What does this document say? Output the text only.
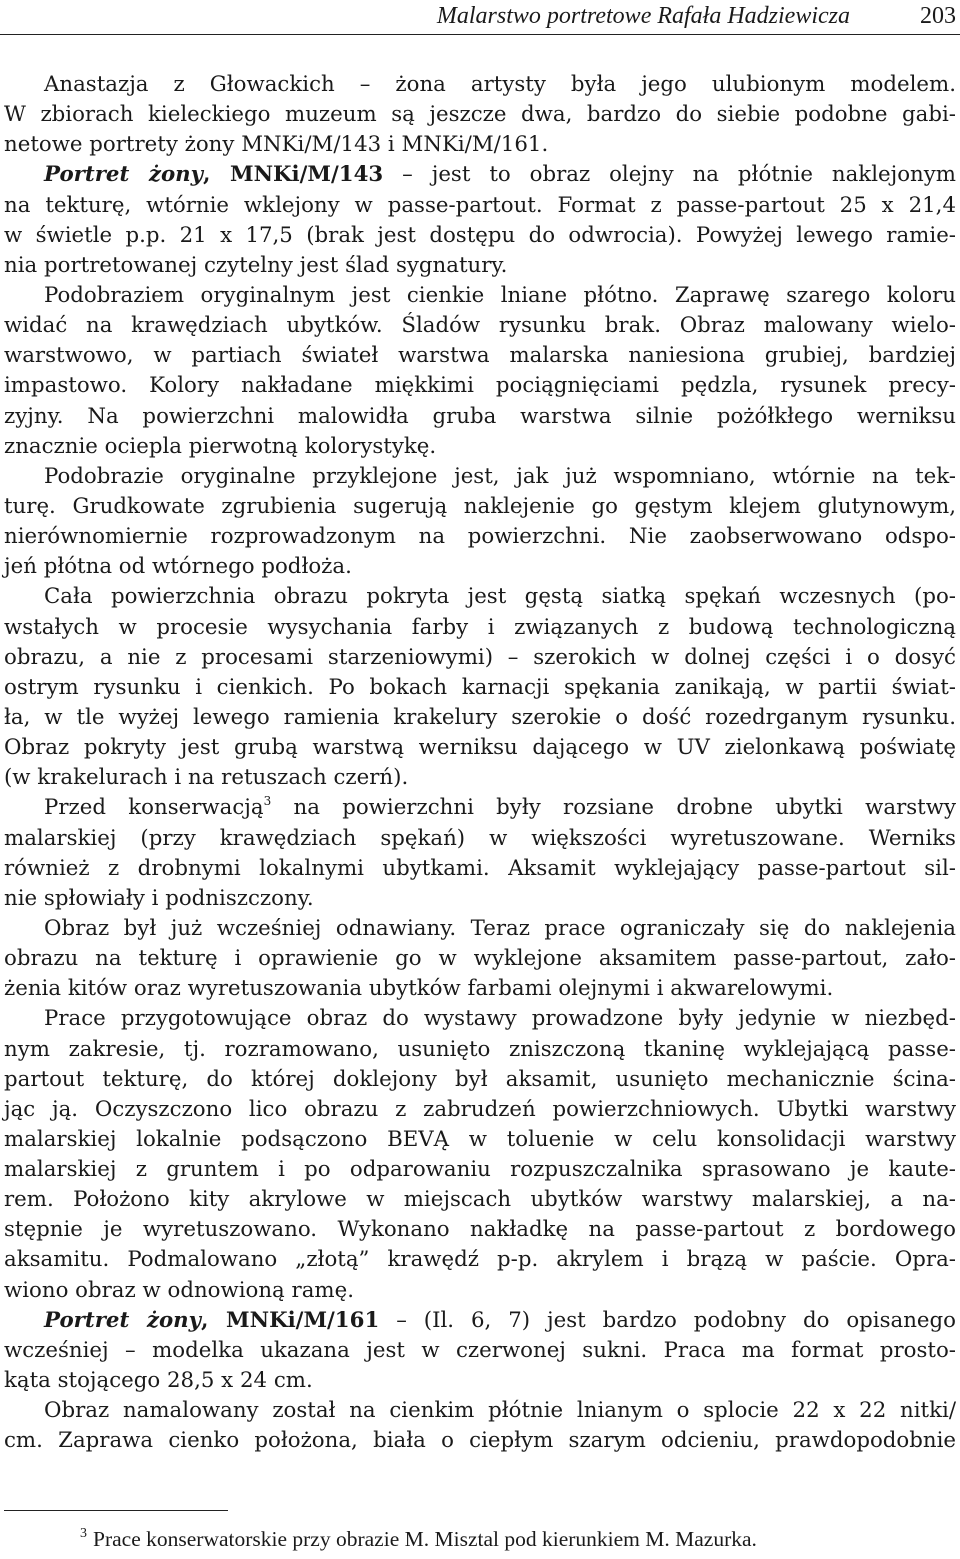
Malarstwo portretowe Rafała Hadziewicza	203
Anastazja z Głowackich – żona artysty była jego ulubionym modelem.
W zbiorach kieleckiego muzeum są jeszcze dwa, bardzo do siebie podobne gabi-
netowe portrety żony MNKi/M/143 i MNKi/M/161.
Portret żony, MNKi/M/143 – jest to obraz olejny na płótnie naklejonym
na tekturę, wtórnie wklejony w passe-partout. Format z passe-partout 25 x 21,4
w świetle p.p. 21 x 17,5 (brak jest dostępu do odwrocia). Powyżej lewego ramie-
nia portretowanej czytelny jest ślad sygnatury.
Podobraziem oryginalnym jest cienkie lniane płótno. Zaprawę szarego koloru
widać na krawędziach ubytków. Śladów rysunku brak. Obraz malowany wielo-
warstwowo, w partiach świateł warstwa malarska naniesiona grubiej, bardziej
impastowo. Kolory nakładane miękkimi pociągnięciami pędzla, rysunek precy-
zyjny. Na powierzchni malowidła gruba warstwa silnie pożółkłego werniksu
znacznie ociepla pierwotną kolorystykę.
Podobrazie oryginalne przyklejone jest, jak już wspomniano, wtórnie na tek-
turę. Grudkowate zgrubienia sugerują naklejenie go gęstym klejem glutynowym,
nierównomiernie rozprowadzonym na powierzchni. Nie zaobserwowano odspo-
jeń płótna od wtórnego podłoża.
Cała powierzchnia obrazu pokryta jest gęstą siatką spękań wczesnych (po-
wstałych w procesie wysychania farby i związanych z budową technologiczną
obrazu, a nie z procesami starzeniowymi) – szerokich w dolnej części i o dosyć
ostrym rysunku i cienkich. Po bokach karnacji spękania zanikają, w partii świat-
ła, w tle wyżej lewego ramienia krakelury szerokie o dość rozedrganym rysunku.
Obraz pokryty jest grubą warstwą werniksu dającego w UV zielonkawą poświatę
(w krakelurach i na retuszach czerń).
Przed konserwacją$^3$ na powierzchni były rozsiane drobne ubytki warstwy
malarskiej (przy krawędziach spękań) w większości wyretuszowane. Werniks
również z drobnymi lokalnymi ubytkami. Aksamit wyklejający passe-partout sil-
nie spłowiały i podniszczony.
Obraz był już wcześniej odnawiany. Teraz prace ograniczały się do naklejenia
obrazu na tekturę i oprawienie go w wyklejone aksamitem passe-partout, zało-
żenia kitów oraz wyretuszowania ubytków farbami olejnymi i akwarelowymi.
Prace przygotowujące obraz do wystawy prowadzone były jedynie w niezbęd-
nym zakresie, tj. rozramowano, usunięto zniszczoną tkaninę wyklejającą passe-
partout tekturę, do której doklejony był aksamit, usunięto mechanicznie ścina-
jąc ją. Oczyszczono lico obrazu z zabrudzeń powierzchniowych. Ubytki warstwy
malarskiej lokalnie podsączono BEVĄ w toluenie w celu konsolidacji warstwy
malarskiej z gruntem i po odparowaniu rozpuszczalnika sprasowano je kaute-
rem. Położono kity akrylowe w miejscach ubytków warstwy malarskiej, a na-
stępnie je wyretuszowano. Wykonano nakładkę na passe-partout z bordowego
aksamitu. Podmalowano „złotą” krawędź p-p. akrylem i brązą w paście. Opra-
wiono obraz w odnowioną ramę.
Portret żony, MNKi/M/161 – (Il. 6, 7) jest bardzo podobny do opisanego
wcześniej – modelka ukazana jest w czerwonej sukni. Praca ma format prosto-
kąta stojącego 28,5 x 24 cm.
Obraz namalowany został na cienkim płótnie lnianym o splocie 22 x 22 nitki/
cm. Zaprawa cienko położona, biała o ciepłym szarym odcieniu, prawdopodobnie
$^3$ Prace konserwatorskie przy obrazie M. Misztal pod kierunkiem M. Mazurka.
